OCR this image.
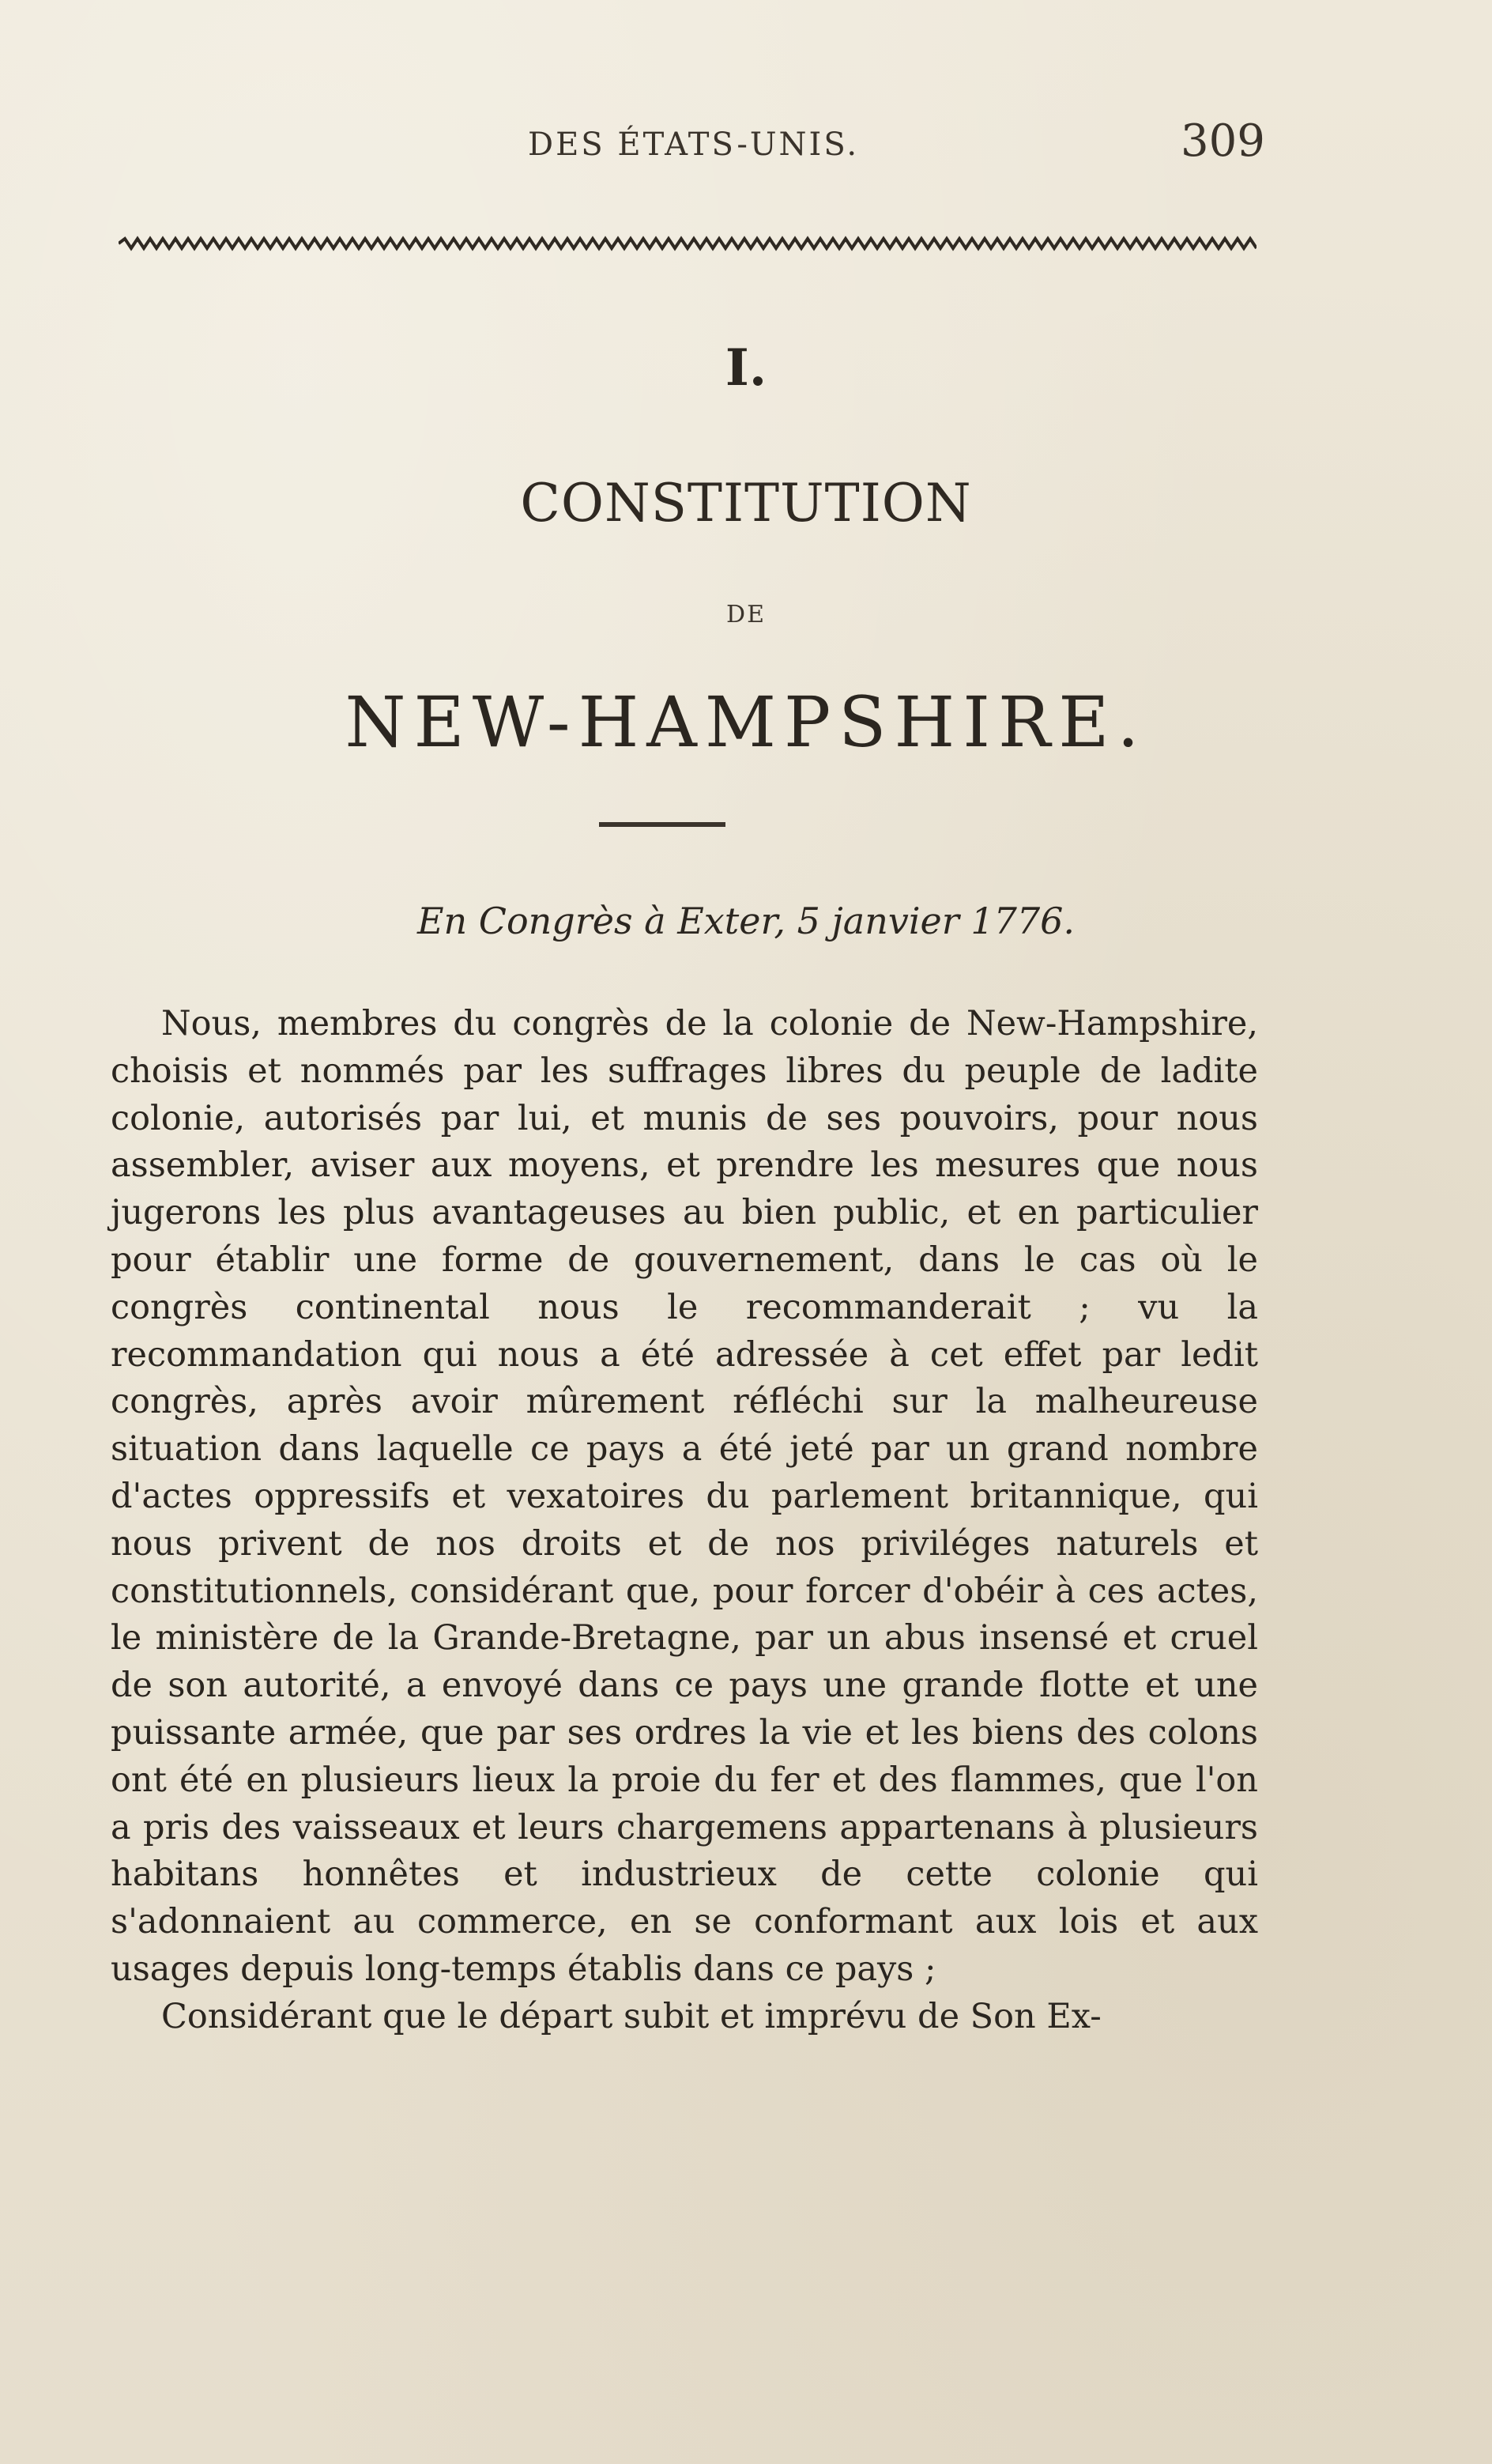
DES ÉTATS-UNIS.	309
I.
CONSTITUTION
DE
NEW-HAMPSHIRE.
En Congrès à Exter, 5 janvier 1776.

Nous, membres du congrès de la colonie de New-Hampshire, choisis et nommés par les suffrages libres du peuple de ladite colonie, autorisés par lui, et munis de ses pouvoirs, pour nous assembler, aviser aux moyens, et prendre les mesures que nous jugerons les plus avantageuses au bien public, et en particulier pour établir une forme de gouvernement, dans le cas où le congrès continental nous le recommanderait ; vu la recommandation qui nous a été adressée à cet effet par ledit congrès, après avoir mûrement réfléchi sur la malheureuse situation dans laquelle ce pays a été jeté par un grand nombre d'actes oppressifs et vexatoires du parlement britannique, qui nous privent de nos droits et de nos priviléges naturels et constitutionnels, considérant que, pour forcer d'obéir à ces actes, le ministère de la Grande-Bretagne, par un abus insensé et cruel de son autorité, a envoyé dans ce pays une grande flotte et une puissante armée, que par ses ordres la vie et les biens des colons ont été en plusieurs lieux la proie du fer et des flammes, que l'on a pris des vaisseaux et leurs chargemens appartenans à plusieurs habitans honnêtes et industrieux de cette colonie qui s'adonnaient au commerce, en se conformant aux lois et aux usages depuis long-temps établis dans ce pays ;

Considérant que le départ subit et imprévu de Son Ex-
